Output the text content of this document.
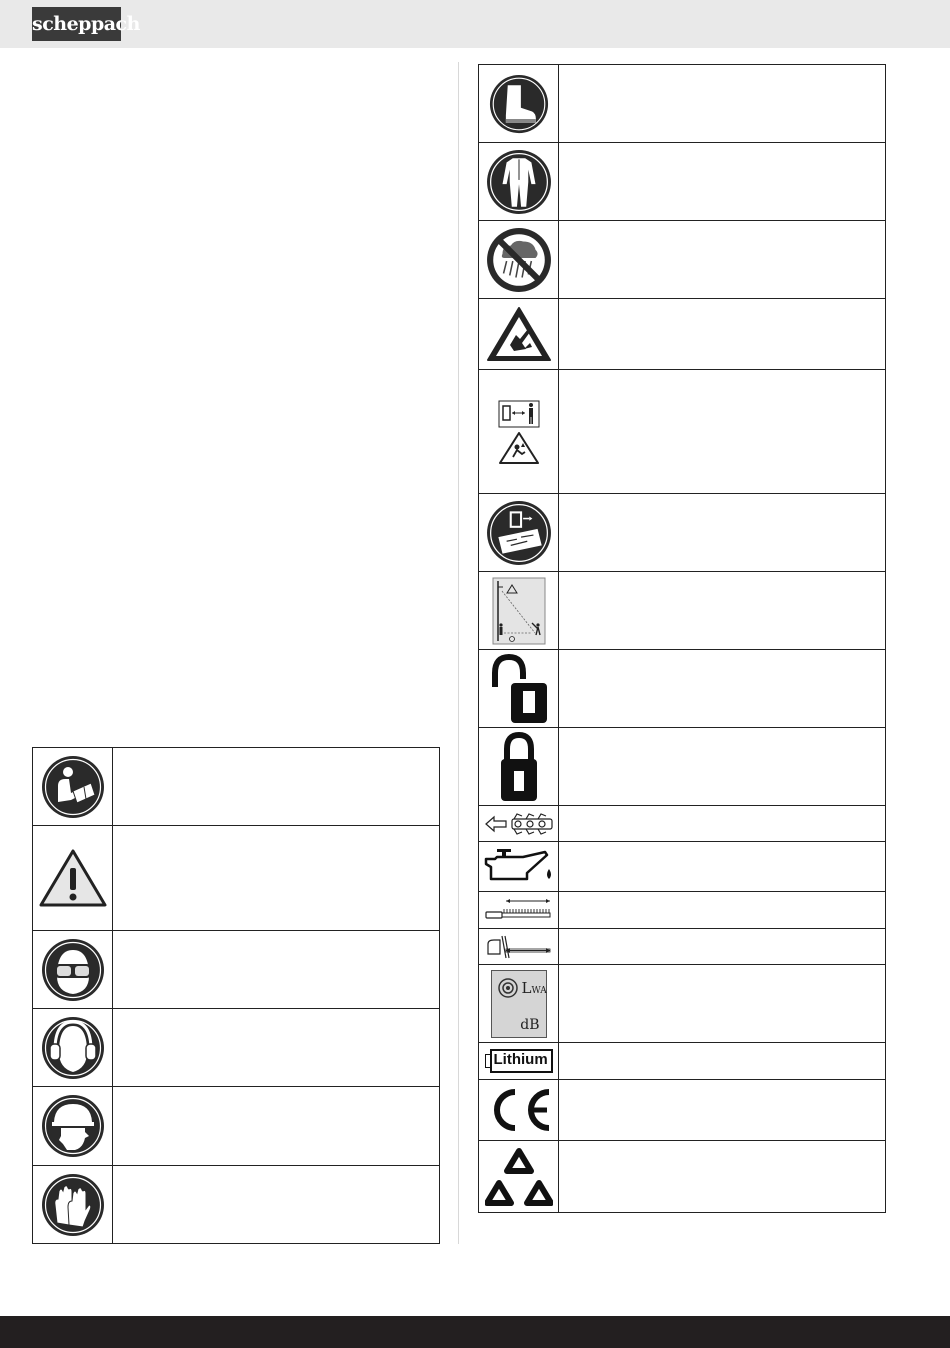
scheppach

LWA
dB	

Lithium	
